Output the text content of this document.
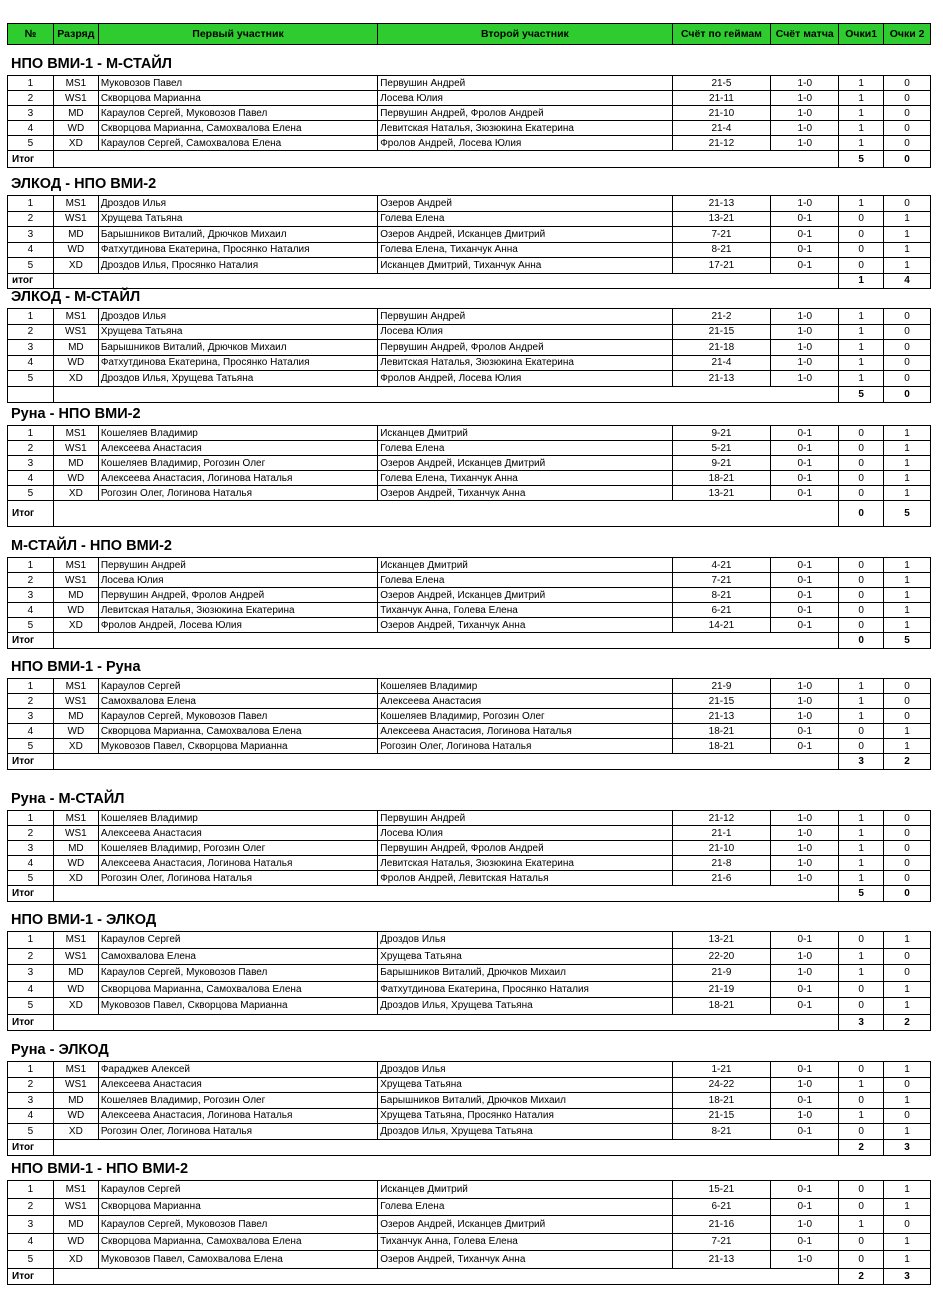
№	Разряд	Первый участник	Второй участник	Счёт по геймам	Счёт матча	Очки1	Очки 2
НПО ВМИ-1 - М-СТАЙЛ
1	MS1	Муковозов Павел	Первушин Андрей	21-5	1-0	1	0
2	WS1	Скворцова Марианна	Лосева Юлия	21-11	1-0	1	0
3	MD	Караулов Сергей, Муковозов Павел	Первушин Андрей, Фролов Андрей	21-10	1-0	1	0
4	WD	Скворцова Марианна, Самохвалова Елена	Левитская Наталья, Зюзюкина Екатерина	21-4	1-0	1	0
5	XD	Караулов Сергей, Самохвалова Елена	Фролов Андрей, Лосева Юлия	21-12	1-0	1	0
Итог	5	0
ЭЛКОД - НПО ВМИ-2
1	MS1	Дроздов Илья	Озеров Андрей	21-13	1-0	1	0
2	WS1	Хрущева Татьяна	Голева Елена	13-21	0-1	0	1
3	MD	Барышников Виталий, Дрючков Михаил	Озеров Андрей, Исканцев Дмитрий	7-21	0-1	0	1
4	WD	Фатхутдинова Екатерина, Просянко Наталия	Голева Елена, Тиханчук Анна	8-21	0-1	0	1
5	XD	Дроздов Илья, Просянко Наталия	Исканцев Дмитрий, Тиханчук Анна	17-21	0-1	0	1
итог	1	4
ЭЛКОД - М-СТАЙЛ
1	MS1	Дроздов Илья	Первушин Андрей	21-2	1-0	1	0
2	WS1	Хрущева Татьяна	Лосева Юлия	21-15	1-0	1	0
3	MD	Барышников Виталий, Дрючков Михаил	Первушин Андрей, Фролов Андрей	21-18	1-0	1	0
4	WD	Фатхутдинова Екатерина, Просянко Наталия	Левитская Наталья, Зюзюкина Екатерина	21-4	1-0	1	0
5	XD	Дроздов Илья, Хрущева Татьяна	Фролов Андрей, Лосева Юлия	21-13	1-0	1	0
5	0
Руна - НПО ВМИ-2
1	MS1	Кошеляев Владимир	Исканцев Дмитрий	9-21	0-1	0	1
2	WS1	Алексеева Анастасия	Голева Елена	5-21	0-1	0	1
3	MD	Кошеляев Владимир, Рогозин Олег	Озеров Андрей, Исканцев Дмитрий	9-21	0-1	0	1
4	WD	Алексеева Анастасия, Логинова Наталья	Голева Елена, Тиханчук Анна	18-21	0-1	0	1
5	XD	Рогозин Олег, Логинова Наталья	Озеров Андрей, Тиханчук Анна	13-21	0-1	0	1
Итог	0	5
М-СТАЙЛ - НПО ВМИ-2
1	MS1	Первушин Андрей	Исканцев Дмитрий	4-21	0-1	0	1
2	WS1	Лосева Юлия	Голева Елена	7-21	0-1	0	1
3	MD	Первушин Андрей, Фролов Андрей	Озеров Андрей, Исканцев Дмитрий	8-21	0-1	0	1
4	WD	Левитская Наталья, Зюзюкина Екатерина	Тиханчук Анна, Голева Елена	6-21	0-1	0	1
5	XD	Фролов Андрей, Лосева Юлия	Озеров Андрей, Тиханчук Анна	14-21	0-1	0	1
Итог	0	5
НПО ВМИ-1 - Руна
1	MS1	Караулов Сергей	Кошеляев Владимир	21-9	1-0	1	0
2	WS1	Самохвалова Елена	Алексеева Анастасия	21-15	1-0	1	0
3	MD	Караулов Сергей, Муковозов Павел	Кошеляев Владимир, Рогозин Олег	21-13	1-0	1	0
4	WD	Скворцова Марианна, Самохвалова Елена	Алексеева Анастасия, Логинова Наталья	18-21	0-1	0	1
5	XD	Муковозов Павел, Скворцова Марианна	Рогозин Олег, Логинова Наталья	18-21	0-1	0	1
Итог	3	2
Руна - М-СТАЙЛ
1	MS1	Кошеляев Владимир	Первушин Андрей	21-12	1-0	1	0
2	WS1	Алексеева Анастасия	Лосева Юлия	21-1	1-0	1	0
3	MD	Кошеляев Владимир, Рогозин Олег	Первушин Андрей, Фролов Андрей	21-10	1-0	1	0
4	WD	Алексеева Анастасия, Логинова Наталья	Левитская Наталья, Зюзюкина Екатерина	21-8	1-0	1	0
5	XD	Рогозин Олег, Логинова Наталья	Фролов Андрей, Левитская Наталья	21-6	1-0	1	0
Итог	5	0
НПО ВМИ-1 - ЭЛКОД
1	MS1	Караулов Сергей	Дроздов Илья	13-21	0-1	0	1
2	WS1	Самохвалова Елена	Хрущева Татьяна	22-20	1-0	1	0
3	MD	Караулов Сергей, Муковозов Павел	Барышников Виталий, Дрючков Михаил	21-9	1-0	1	0
4	WD	Скворцова Марианна, Самохвалова Елена	Фатхутдинова Екатерина, Просянко Наталия	21-19	0-1	0	1
5	XD	Муковозов Павел, Скворцова Марианна	Дроздов Илья, Хрущева Татьяна	18-21	0-1	0	1
Итог	3	2
Руна - ЭЛКОД
1	MS1	Фараджев Алексей	Дроздов Илья	1-21	0-1	0	1
2	WS1	Алексеева Анастасия	Хрущева Татьяна	24-22	1-0	1	0
3	MD	Кошеляев Владимир, Рогозин Олег	Барышников Виталий, Дрючков Михаил	18-21	0-1	0	1
4	WD	Алексеева Анастасия, Логинова Наталья	Хрущева Татьяна, Просянко Наталия	21-15	1-0	1	0
5	XD	Рогозин Олег, Логинова Наталья	Дроздов Илья, Хрущева Татьяна	8-21	0-1	0	1
Итог	2	3
НПО ВМИ-1 - НПО ВМИ-2
1	MS1	Караулов Сергей	Исканцев Дмитрий	15-21	0-1	0	1
2	WS1	Скворцова Марианна	Голева Елена	6-21	0-1	0	1
3	MD	Караулов Сергей, Муковозов Павел	Озеров Андрей, Исканцев Дмитрий	21-16	1-0	1	0
4	WD	Скворцова Марианна, Самохвалова Елена	Тиханчук Анна, Голева Елена	7-21	0-1	0	1
5	XD	Муковозов Павел, Самохвалова Елена	Озеров Андрей, Тиханчук Анна	21-13	1-0	0	1
Итог	2	3
